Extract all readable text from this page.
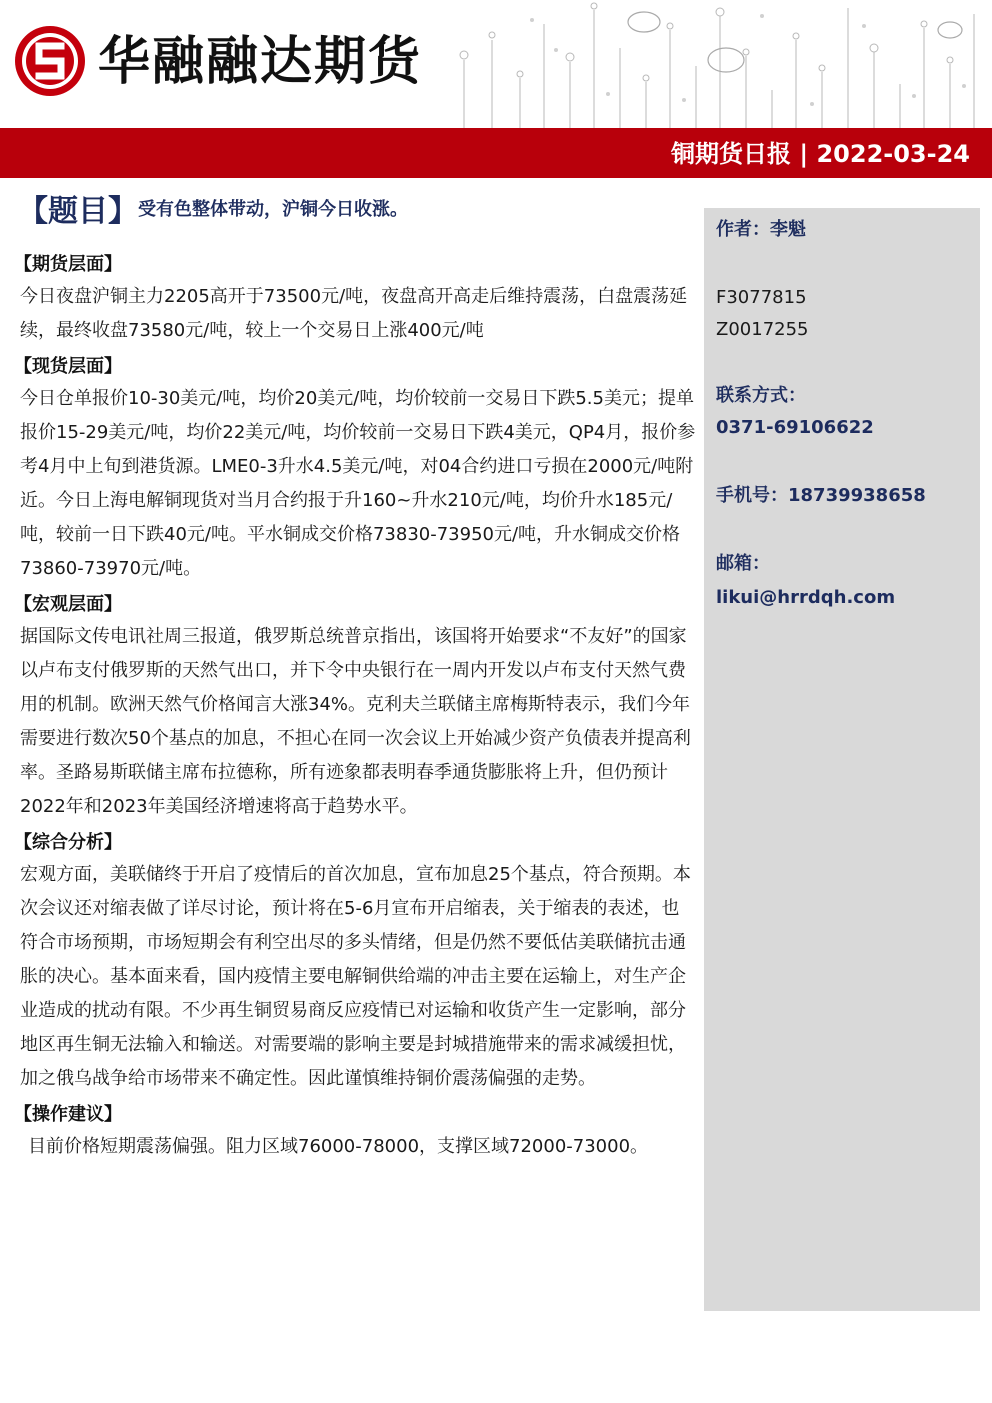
华融融达期货
铜期货日报 | 2022-03-24
【题目】受有色整体带动，沪铜今日收涨。
【期货层面】

今日夜盘沪铜主力2205高开于73500元/吨，夜盘高开高走后维持震荡，白盘震荡延续，最终收盘73580元/吨，较上一个交易日上涨400元/吨

【现货层面】

今日仓单报价10-30美元/吨，均价20美元/吨，均价较前一交易日下跌5.5美元；提单报价15-29美元/吨，均价22美元/吨，均价较前一交易日下跌4美元，QP4月，报价参考4月中上旬到港货源。LME0-3升水4.5美元/吨，对04合约进口亏损在2000元/吨附近。今日上海电解铜现货对当月合约报于升160~升水210元/吨，均价升水185元/吨，较前一日下跌40元/吨。平水铜成交价格73830-73950元/吨，升水铜成交价格73860-73970元/吨。

【宏观层面】

据国际文传电讯社周三报道，俄罗斯总统普京指出，该国将开始要求“不友好”的国家以卢布支付俄罗斯的天然气出口，并下令中央银行在一周内开发以卢布支付天然气费用的机制。欧洲天然气价格闻言大涨34%。克利夫兰联储主席梅斯特表示，我们今年需要进行数次50个基点的加息，不担心在同一次会议上开始减少资产负债表并提高利率。圣路易斯联储主席布拉德称，所有迹象都表明春季通货膨胀将上升，但仍预计2022年和2023年美国经济增速将高于趋势水平。

【综合分析】

宏观方面，美联储终于开启了疫情后的首次加息，宣布加息25个基点，符合预期。本次会议还对缩表做了详尽讨论，预计将在5-6月宣布开启缩表，关于缩表的表述，也符合市场预期，市场短期会有利空出尽的多头情绪，但是仍然不要低估美联储抗击通胀的决心。基本面来看，国内疫情主要电解铜供给端的冲击主要在运输上，对生产企业造成的扰动有限。不少再生铜贸易商反应疫情已对运输和收货产生一定影响，部分地区再生铜无法输入和输送。对需要端的影响主要是封城措施带来的需求减缓担忧，加之俄乌战争给市场带来不确定性。因此谨慎维持铜价震荡偏强的走势。

【操作建议】

目前价格短期震荡偏强。阻力区域76000-78000，支撑区域72000-73000。

作者：李魁
F3077815
Z0017255
联系方式：
0371-69106622
手机号：18739938658
邮箱：
likui@hrrdqh.com
